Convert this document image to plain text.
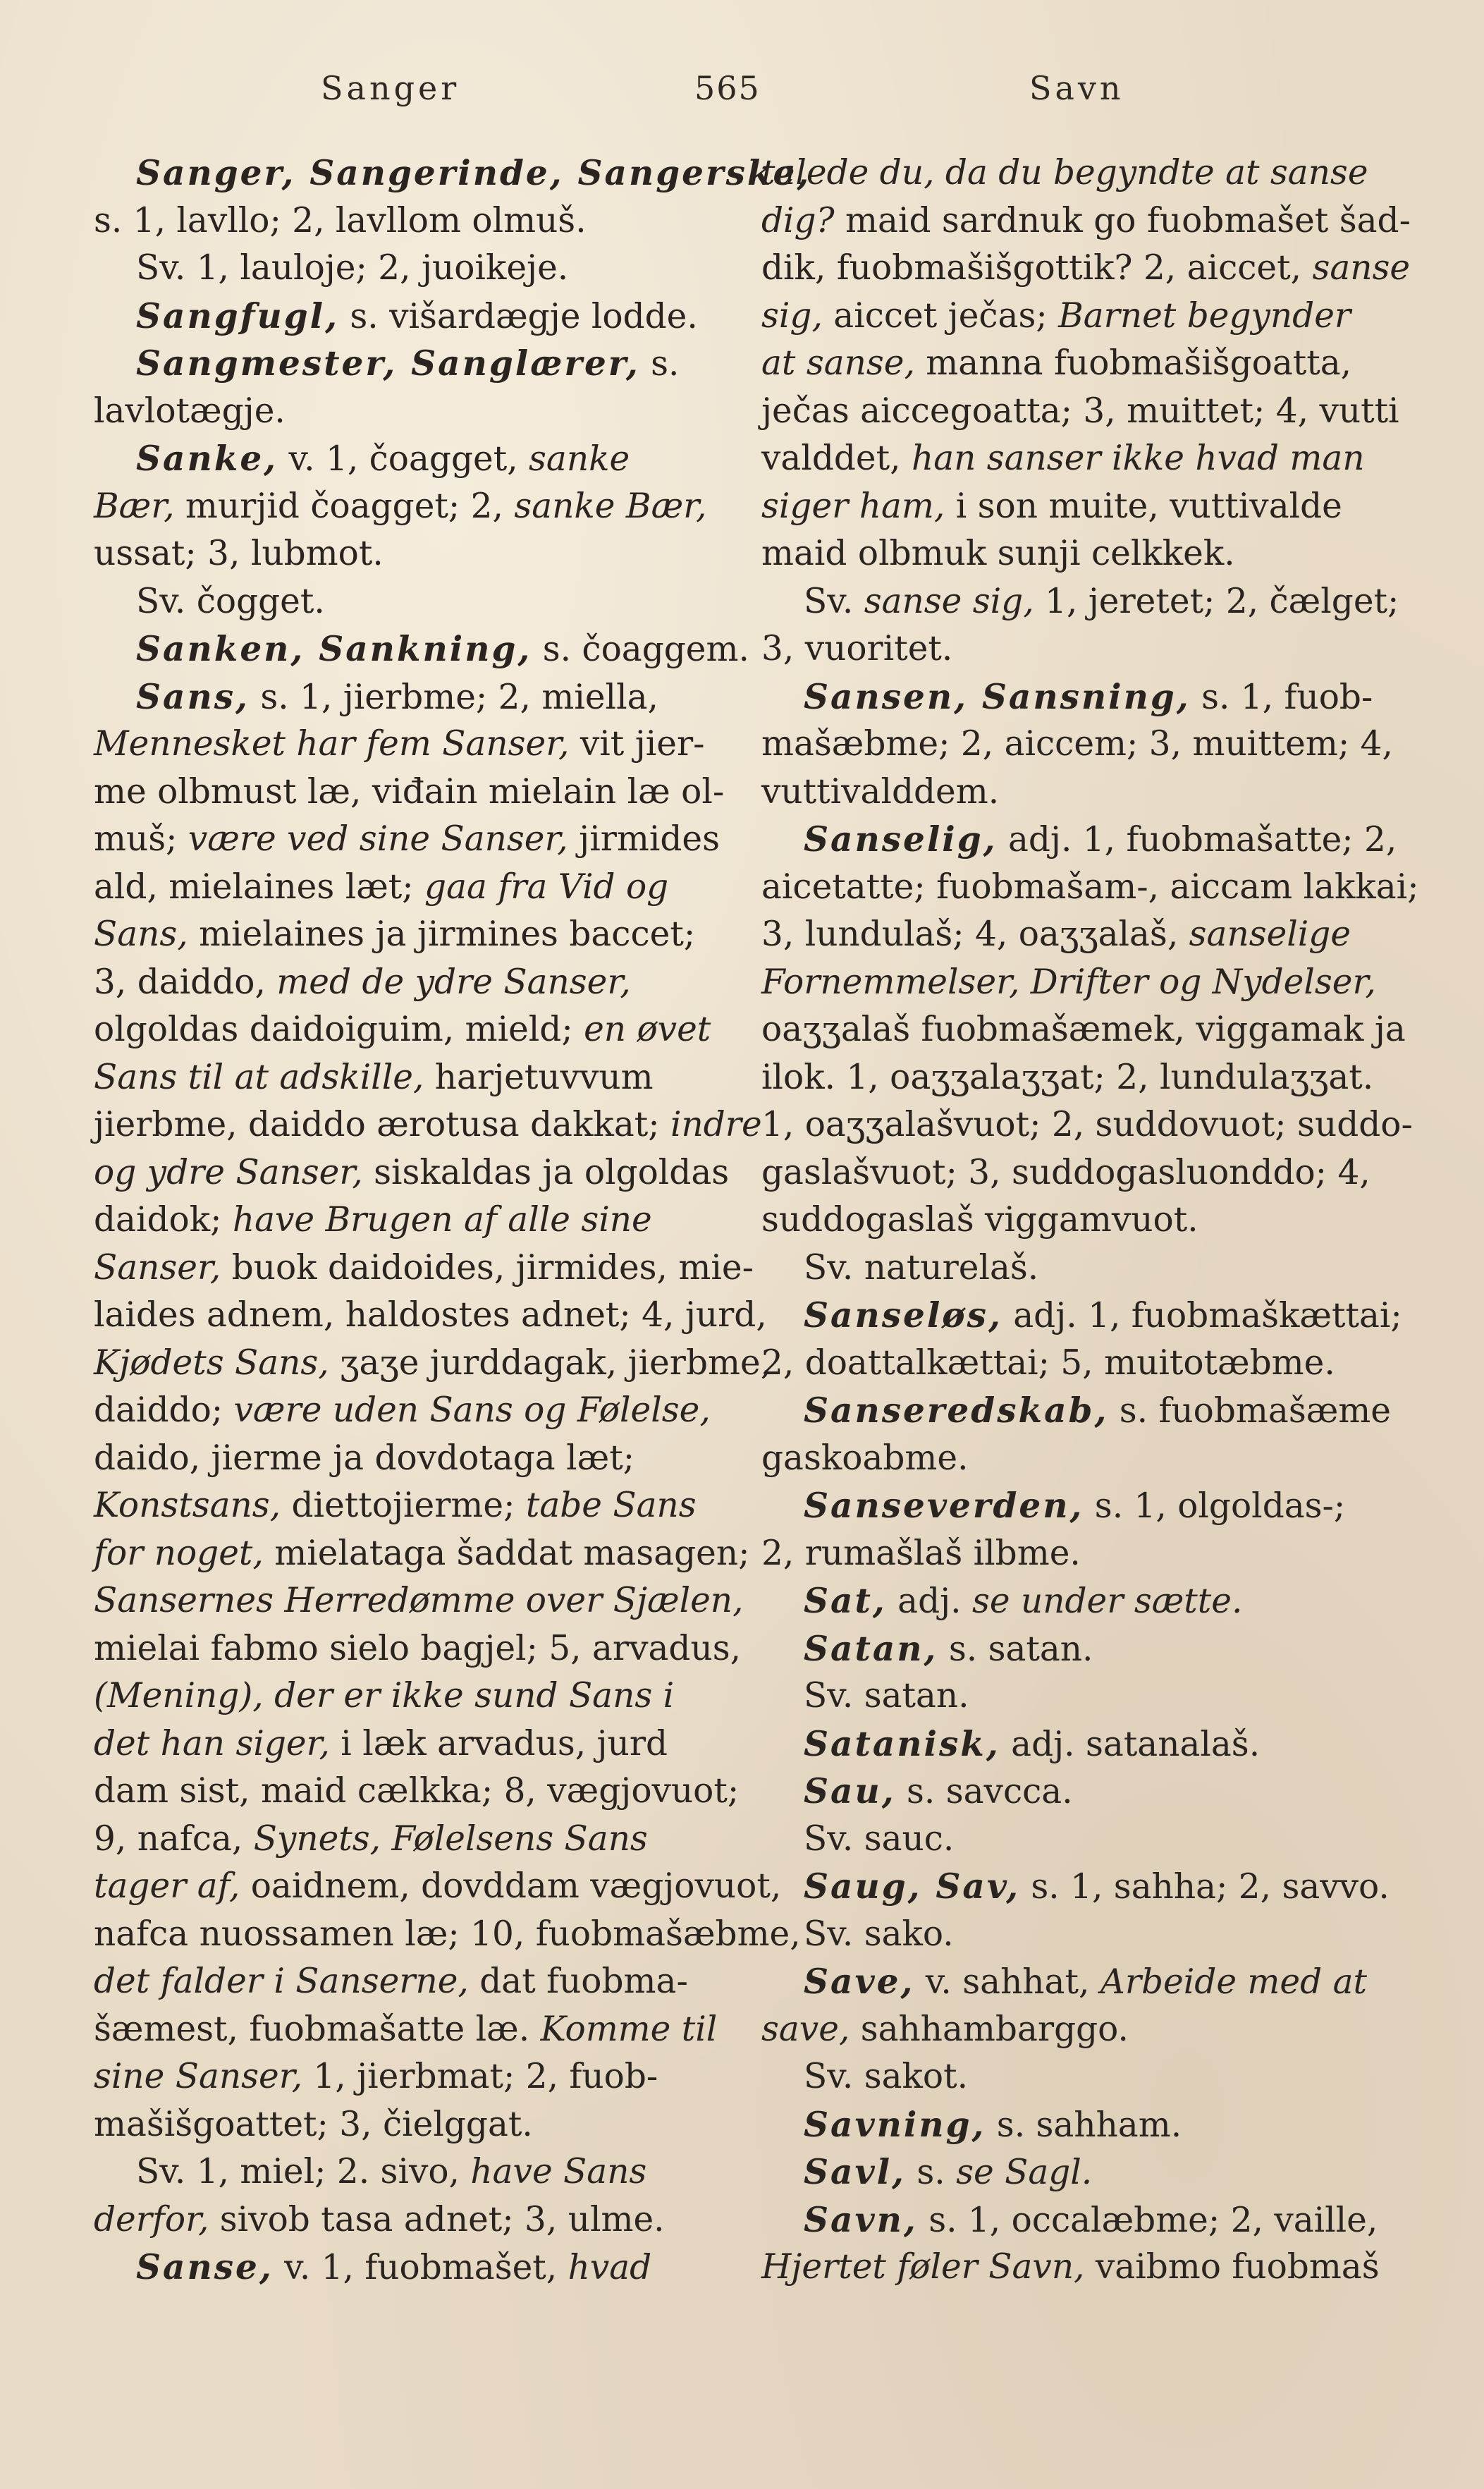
Sanger	565	Savn
Sanger, Sangerinde, Sangerske,
s. 1, lavllo; 2, lavllom olmuš.
Sv. 1, lauloje; 2, juoikeje.
Sangfugl, s. višardægje lodde.
Sangmester, Sanglærer, s.
lavlotægje.
Sanke, v. 1, čoagget, sanke
Bær, murjid čoagget; 2, sanke Bær,
ussat; 3, lubmot.
Sv. čogget.
Sanken, Sankning, s. čoaggem.
Sans, s. 1, jierbme; 2, miella,
Mennesket har fem Sanser, vit jier-
me olbmust læ, viđain mielain læ ol-
muš; være ved sine Sanser, jirmides
ald, mielaines læt; gaa fra Vid og
Sans, mielaines ja jirmines baccet;
3, daiddo, med de ydre Sanser,
olgoldas daidoiguim, mield; en øvet
Sans til at adskille, harjetuvvum
jierbme, daiddo ærotusa dakkat; indre
og ydre Sanser, siskaldas ja olgoldas
daidok; have Brugen af alle sine
Sanser, buok daidoides, jirmides, mie-
laides adnem, haldostes adnet; 4, jurd,
Kjødets Sans, ʒaʒe jurddagak, jierbme,
daiddo; være uden Sans og Følelse,
daido, jierme ja dovdotaga læt;
Konstsans, diettojierme; tabe Sans
for noget, mielataga šaddat masagen;
Sansernes Herredømme over Sjælen,
mielai fabmo sielo bagjel; 5, arvadus,
(Mening), der er ikke sund Sans i
det han siger, i læk arvadus, jurd
dam sist, maid cælkka; 8, vægjovuot;
9, nafca, Synets, Følelsens Sans
tager af, oaidnem, dovddam vægjovuot,
nafca nuossamen læ; 10, fuobmašæbme,
det falder i Sanserne, dat fuobma-
šæmest, fuobmašatte læ. Komme til
sine Sanser, 1, jierbmat; 2, fuob-
mašišgoattet; 3, čielggat.
Sv. 1, miel; 2. sivo, have Sans
derfor, sivob tasa adnet; 3, ulme.
Sanse, v. 1, fuobmašet, hvad
talede du, da du begyndte at sanse
dig? maid sardnuk go fuobmašet šad-
dik, fuobmašišgottik? 2, aiccet, sanse
sig, aiccet ječas; Barnet begynder
at sanse, manna fuobmašišgoatta,
ječas aiccegoatta; 3, muittet; 4, vutti
valddet, han sanser ikke hvad man
siger ham, i son muite, vuttivalde
maid olbmuk sunji celkkek.
Sv. sanse sig, 1, jeretet; 2, čælget;
3, vuoritet.
Sansen, Sansning, s. 1, fuob-
mašæbme; 2, aiccem; 3, muittem; 4,
vuttivalddem.
Sanselig, adj. 1, fuobmašatte; 2,
aicetatte; fuobmašam-, aiccam lakkai;
3, lundulaš; 4, oaʒʒalaš, sanselige
Fornemmelser, Drifter og Nydelser,
oaʒʒalaš fuobmašæmek, viggamak ja
ilok. 1, oaʒʒalaʒʒat; 2, lundulaʒʒat.
1, oaʒʒalašvuot; 2, suddovuot; suddo-
gaslašvuot; 3, suddogasluonddo; 4,
suddogaslaš viggamvuot.
Sv. naturelaš.
Sanseløs, adj. 1, fuobmaškættai;
2, doattalkættai; 5, muitotæbme.
Sanseredskab, s. fuobmašæme
gaskoabme.
Sanseverden, s. 1, olgoldas-;
2, rumašlaš ilbme.
Sat, adj. se under sætte.
Satan, s. satan.
Sv. satan.
Satanisk, adj. satanalaš.
Sau, s. savcca.
Sv. sauc.
Saug, Sav, s. 1, sahha; 2, savvo.
Sv. sako.
Save, v. sahhat, Arbeide med at
save, sahhambarggo.
Sv. sakot.
Savning, s. sahham.
Savl, s. se Sagl.
Savn, s. 1, occalæbme; 2, vaille,
Hjertet føler Savn, vaibmo fuobmaš
